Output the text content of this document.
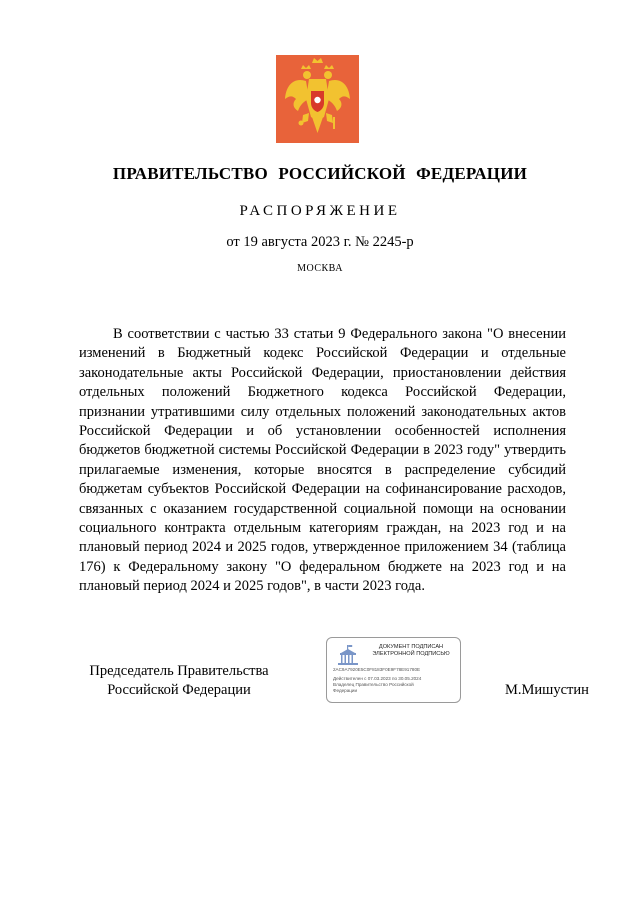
ПРАВИТЕЛЬСТВО РОССИЙСКОЙ ФЕДЕРАЦИИ
РАСПОРЯЖЕНИЕ
от 19 августа 2023 г. № 2245-р
МОСКВА

В соответствии с частью 33 статьи 9 Федерального закона "О внесении изменений в Бюджетный кодекс Российской Федерации и отдельные законодательные акты Российской Федерации, приостановлении действия отдельных положений Бюджетного кодекса Российской Федерации, признании утратившими силу отдельных положений законодательных актов Российской Федерации и об установлении особенностей исполнения бюджетов бюджетной системы Российской Федерации в 2023 году" утвердить прилагаемые изменения, которые вносятся в распределение субсидий бюджетам субъектов Российской Федерации на софинансирование расходов, связанных с оказанием государственной социальной помощи на основании социального контракта отдельным категориям граждан, на 2023 год и на плановый период 2024 и 2025 годов, утвержденное приложением 34 (таблица 176) к Федеральному закону "О федеральном бюджете на 2023 год и на плановый период 2024 и 2025 годов", в части 2023 года.

Председатель Правительства
Российской Федерации
ДОКУМЕНТ ПОДПИСАН
ЭЛЕКТРОННОЙ ПОДПИСЬЮ
2AC9A7920E5C0F8183F0E9F78E91780E
Действителен с 07.03.2023 по 30.05.2024
Владелец Правительство Российской
Федерации	М.Мишустин
